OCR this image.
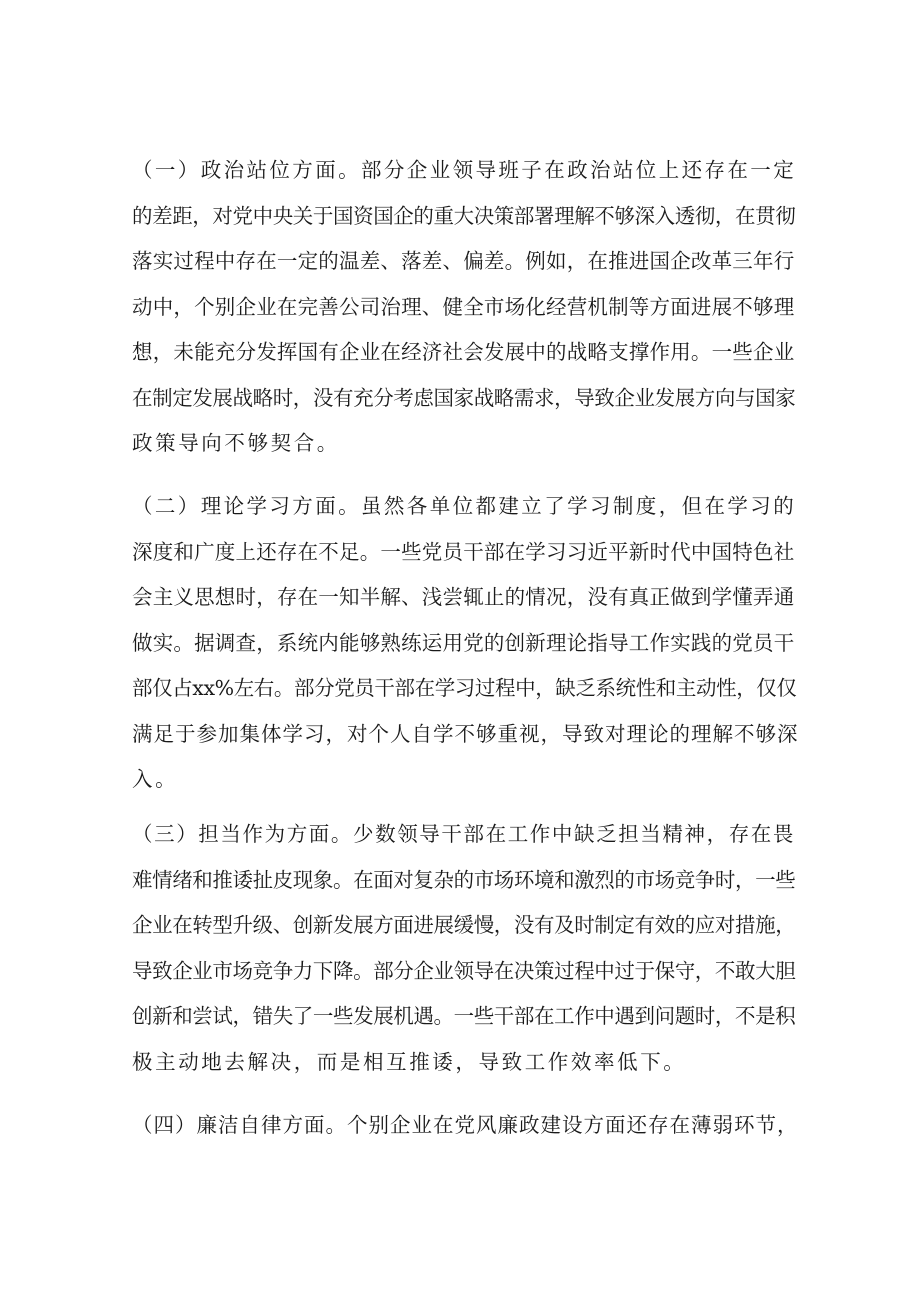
（一）政治站位方面。部分企业领导班子在政治站位上还存在一定
的差距，对党中央关于国资国企的重大决策部署理解不够深入透彻，在贯彻
落实过程中存在一定的温差、落差、偏差。例如，在推进国企改革三年行
动中，个别企业在完善公司治理、健全市场化经营机制等方面进展不够理
想，未能充分发挥国有企业在经济社会发展中的战略支撑作用。一些企业
在制定发展战略时，没有充分考虑国家战略需求，导致企业发展方向与国家
政策导向不够契合。
（二）理论学习方面。虽然各单位都建立了学习制度，但在学习的
深度和广度上还存在不足。一些党员干部在学习习近平新时代中国特色社
会主义思想时，存在一知半解、浅尝辄止的情况，没有真正做到学懂弄通
做实。据调查，系统内能够熟练运用党的创新理论指导工作实践的党员干
部仅占xx%左右。部分党员干部在学习过程中，缺乏系统性和主动性，仅仅
满足于参加集体学习，对个人自学不够重视，导致对理论的理解不够深
入。
（三）担当作为方面。少数领导干部在工作中缺乏担当精神，存在畏
难情绪和推诿扯皮现象。在面对复杂的市场环境和激烈的市场竞争时，一些
企业在转型升级、创新发展方面进展缓慢，没有及时制定有效的应对措施，
导致企业市场竞争力下降。部分企业领导在决策过程中过于保守，不敢大胆
创新和尝试，错失了一些发展机遇。一些干部在工作中遇到问题时，不是积
极主动地去解决，而是相互推诿，导致工作效率低下。
（四）廉洁自律方面。个别企业在党风廉政建设方面还存在薄弱环节，
